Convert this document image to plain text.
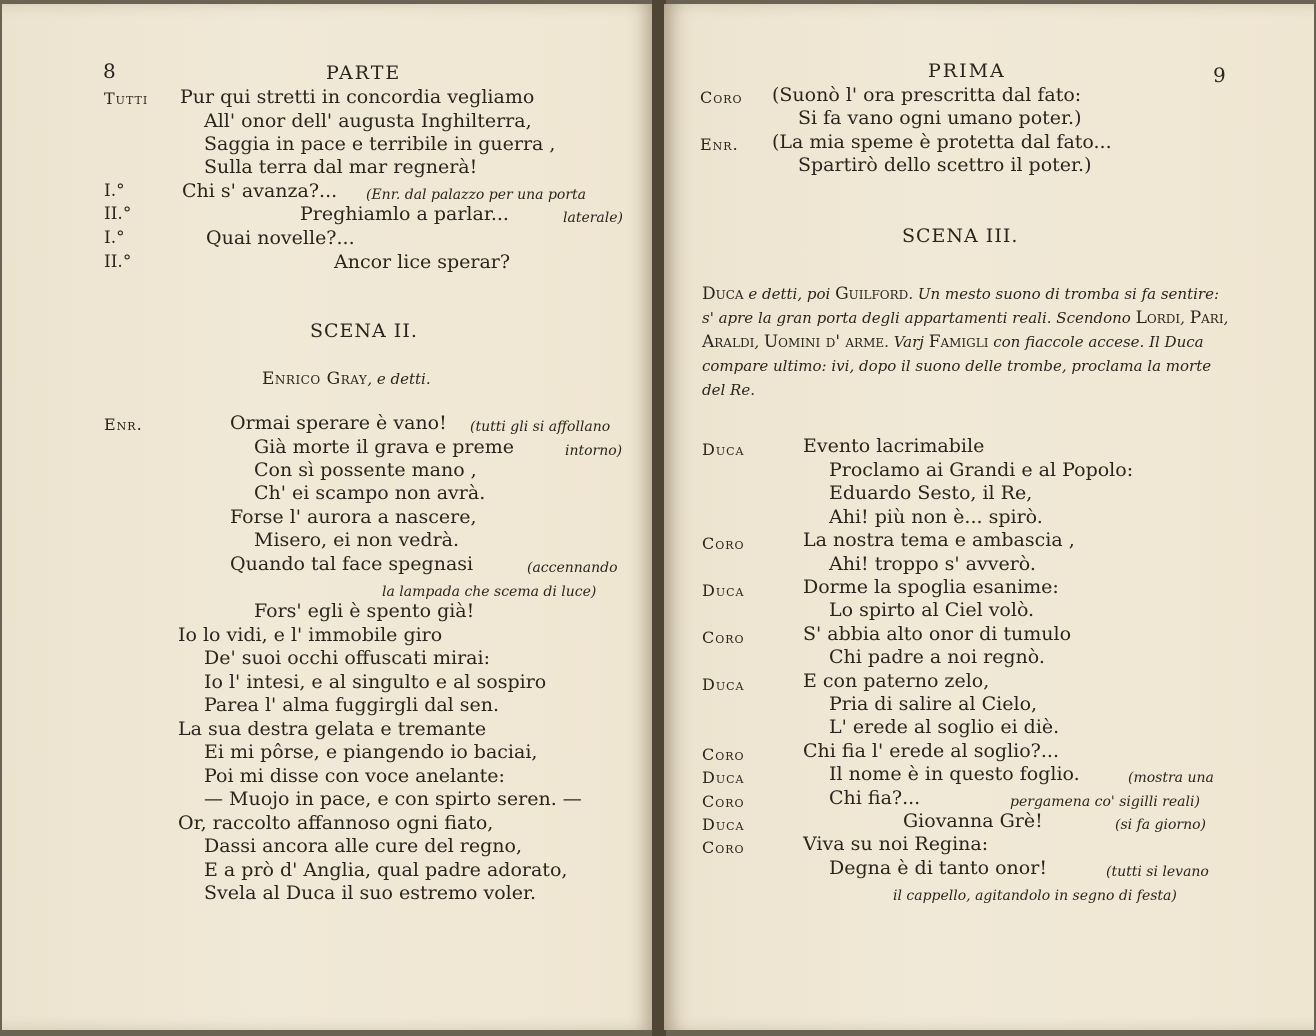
8	PARTE
Tutti Pur qui stretti in concordia vegliamo
All' onor dell' augusta Inghilterra,
Saggia in pace e terribile in guerra ,
Sulla terra dal mar regnerà!
I.°	Chi s' avanza?... (Enr. dal palazzo per una porta
II.°	Preghiamlo a parlar...	laterale)
I.°	Quai novelle?...
II.°	Ancor lice sperar?
SCENA II.
Enrico Gray, e detti.
Enr.	Ormai sperare è vano! (tutti gli si affollano
Già morte il grava e preme	intorno)
Con sì possente mano ,
Ch' ei scampo non avrà.
Forse l' aurora a nascere,
Misero, ei non vedrà.
Quando tal face spegnasi	(accennando
la lampada che scema di luce)
Fors' egli è spento già!
Io lo vidi, e l' immobile giro
De' suoi occhi offuscati mirai:
Io l' intesi, e al singulto e al sospiro
Parea l' alma fuggirgli dal sen.
La sua destra gelata e tremante
Ei mi pôrse, e piangendo io baciai,
Poi mi disse con voce anelante:
— Muojo in pace, e con spirto seren. —
Or, raccolto affannoso ogni fiato,
Dassi ancora alle cure del regno,
E a prò d' Anglia, qual padre adorato,
Svela al Duca il suo estremo voler.
PRIMA	9
Coro (Suonò l' ora prescritta dal fato:
Si fa vano ogni umano poter.)
Enr. (La mia speme è protetta dal fato...
Spartirò dello scettro il poter.)
SCENA III.
Duca e detti, poi Guilford. Un mesto suono di tromba si fa sentire: s' apre la gran porta degli appartamenti reali. Scendono Lordi, Pari, Araldi, Uomini d' arme. Varj Famigli con fiaccole accese. Il Duca compare ultimo: ivi, dopo il suono delle trombe, proclama la morte del Re.
Duca	Evento lacrimabile
Proclamo ai Grandi e al Popolo:
Eduardo Sesto, il Re,
Ahi! più non è... spirò.
Coro	La nostra tema e ambascia ,
Ahi! troppo s' avverò.
Duca	Dorme la spoglia esanime:
Lo spirto al Ciel volò.
Coro	S' abbia alto onor di tumulo
Chi padre a noi regnò.
Duca	E con paterno zelo,
Pria di salire al Cielo,
L' erede al soglio ei diè.
Coro	Chi fia l' erede al soglio?...
Duca	Il nome è in questo foglio.	(mostra una
Coro	Chi fia?...	pergamena co' sigilli reali)
Duca	Giovanna Grè!	(si fa giorno)
Coro	Viva su noi Regina:
Degna è di tanto onor!	(tutti si levano
il cappello, agitandolo in segno di festa)
